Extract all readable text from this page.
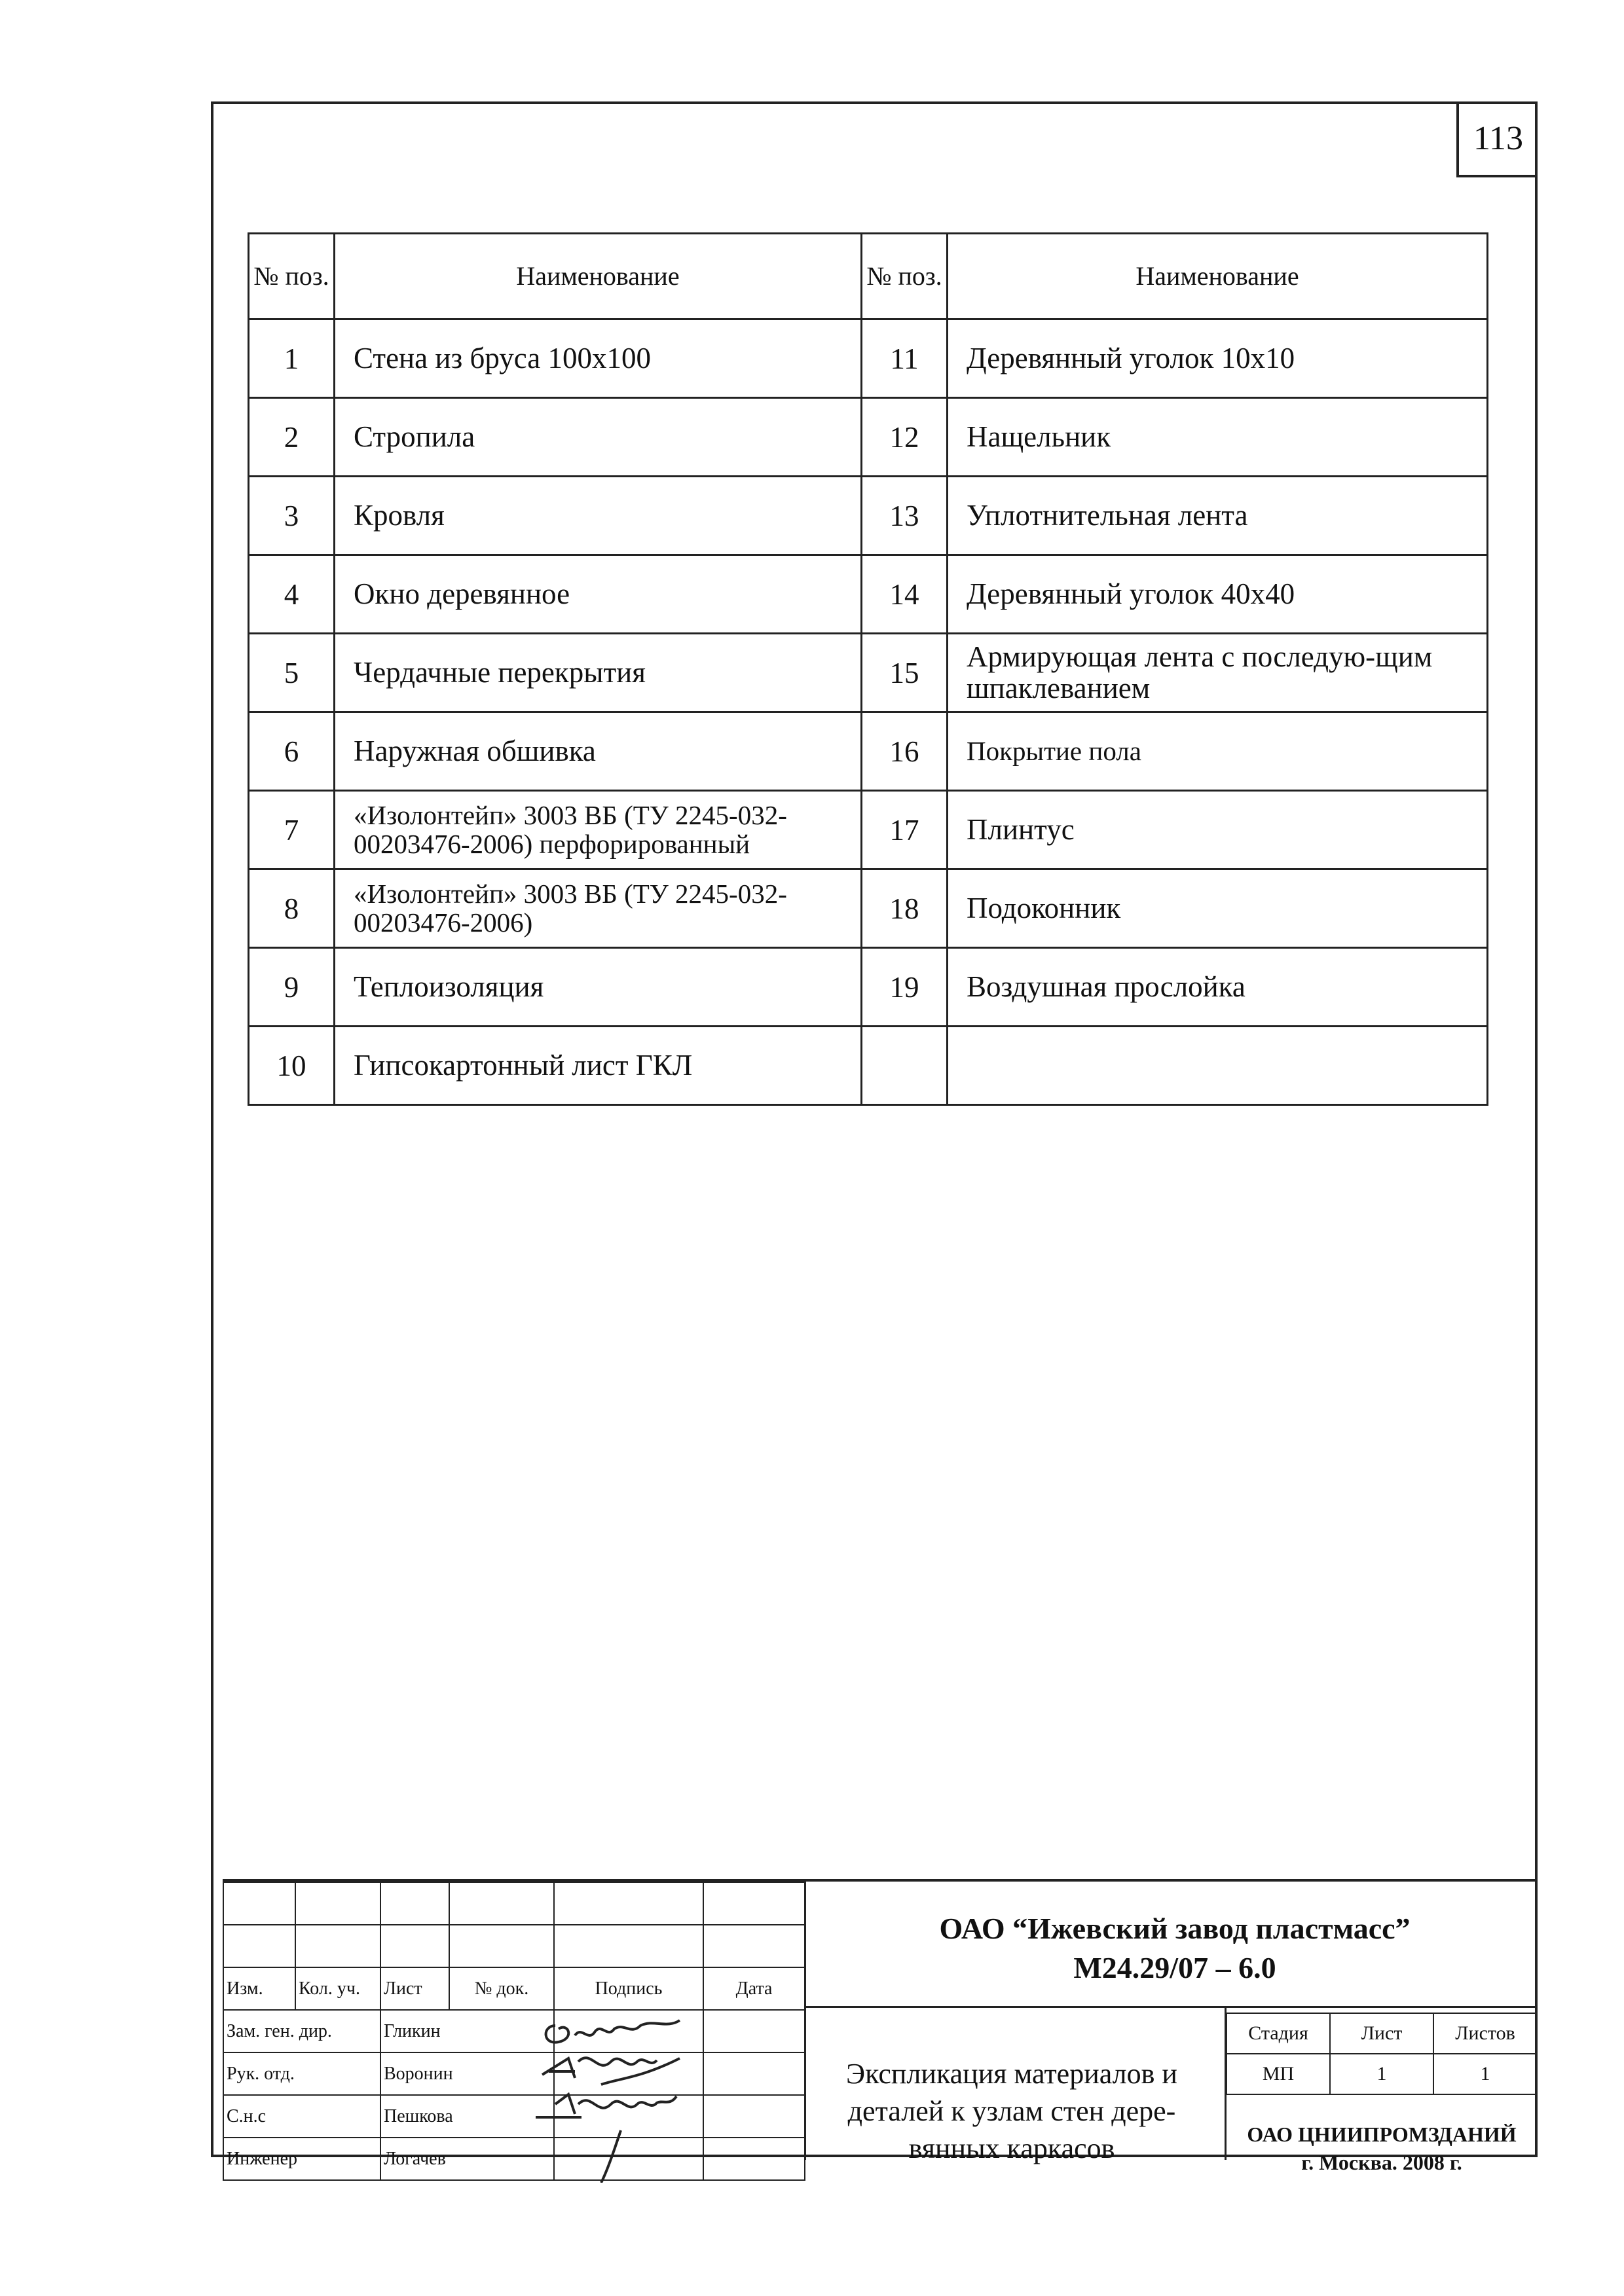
113
№ поз.	Наименование	№ поз.	Наименование
1	Стена из бруса 100х100	11	Деревянный уголок 10х10
2	Стропила	12	Нащельник
3	Кровля	13	Уплотнительная лента
4	Окно деревянное	14	Деревянный уголок 40х40
5	Чердачные перекрытия	15	Армирующая лента с последую-щим шпаклеванием
6	Наружная обшивка	16	Покрытие пола
7	«Изолонтейп» 3003 ВБ (ТУ 2245-032-00203476-2006) перфорированный	17	Плинтус
8	«Изолонтейп» 3003 ВБ (ТУ 2245-032-00203476-2006)	18	Подоконник
9	Теплоизоляция	19	Воздушная прослойка
10	Гипсокартонный лист ГКЛ		

Изм.	Кол. уч.	Лист	№ док.	Подпись	Дата
Зам. ген. дир.		Гликин			
Рук. отд.		Воронин			
С.н.с		Пешкова			
Инженер		Логачев			
ОАО “Ижевский завод пластмасс”
М24.29/07 – 6.0
Экспликация материалов и деталей к узлам стен дере-вянных каркасов
Стадия	Лист	Листов
МП	1	1
ОАО ЦНИИПРОМЗДАНИЙ
г. Москва. 2008 г.
